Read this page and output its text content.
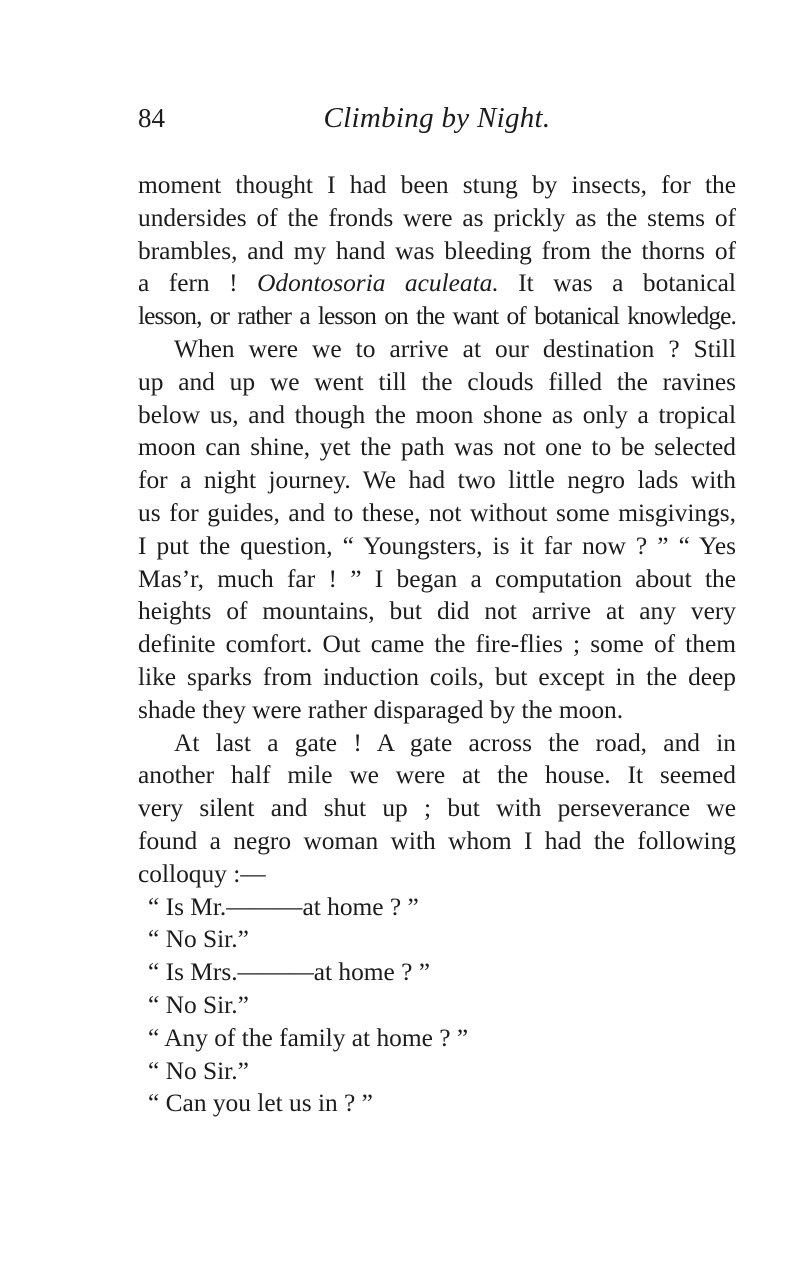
84	Climbing by Night.
moment thought I had been stung by insects, for the
undersides of the fronds were as prickly as the stems of
brambles, and my hand was bleeding from the thorns of
a fern ! Odontosoria aculeata. It was a botanical
lesson, or rather a lesson on the want of botanical knowledge.
When were we to arrive at our destination ? Still
up and up we went till the clouds filled the ravines
below us, and though the moon shone as only a tropical
moon can shine, yet the path was not one to be selected
for a night journey. We had two little negro lads with
us for guides, and to these, not without some misgivings,
I put the question, “ Youngsters, is it far now ? ” “ Yes
Mas’r, much far ! ” I began a computation about the
heights of mountains, but did not arrive at any very
definite comfort. Out came the fire-flies ; some of them
like sparks from induction coils, but except in the deep
shade they were rather disparaged by the moon.
At last a gate ! A gate across the road, and in
another half mile we were at the house. It seemed
very silent and shut up ; but with perseverance we
found a negro woman with whom I had the following
colloquy :—
“ Is Mr.———at home ? ”
“ No Sir.”
“ Is Mrs.———at home ? ”
“ No Sir.”
“ Any of the family at home ? ”
“ No Sir.”
“ Can you let us in ? ”
